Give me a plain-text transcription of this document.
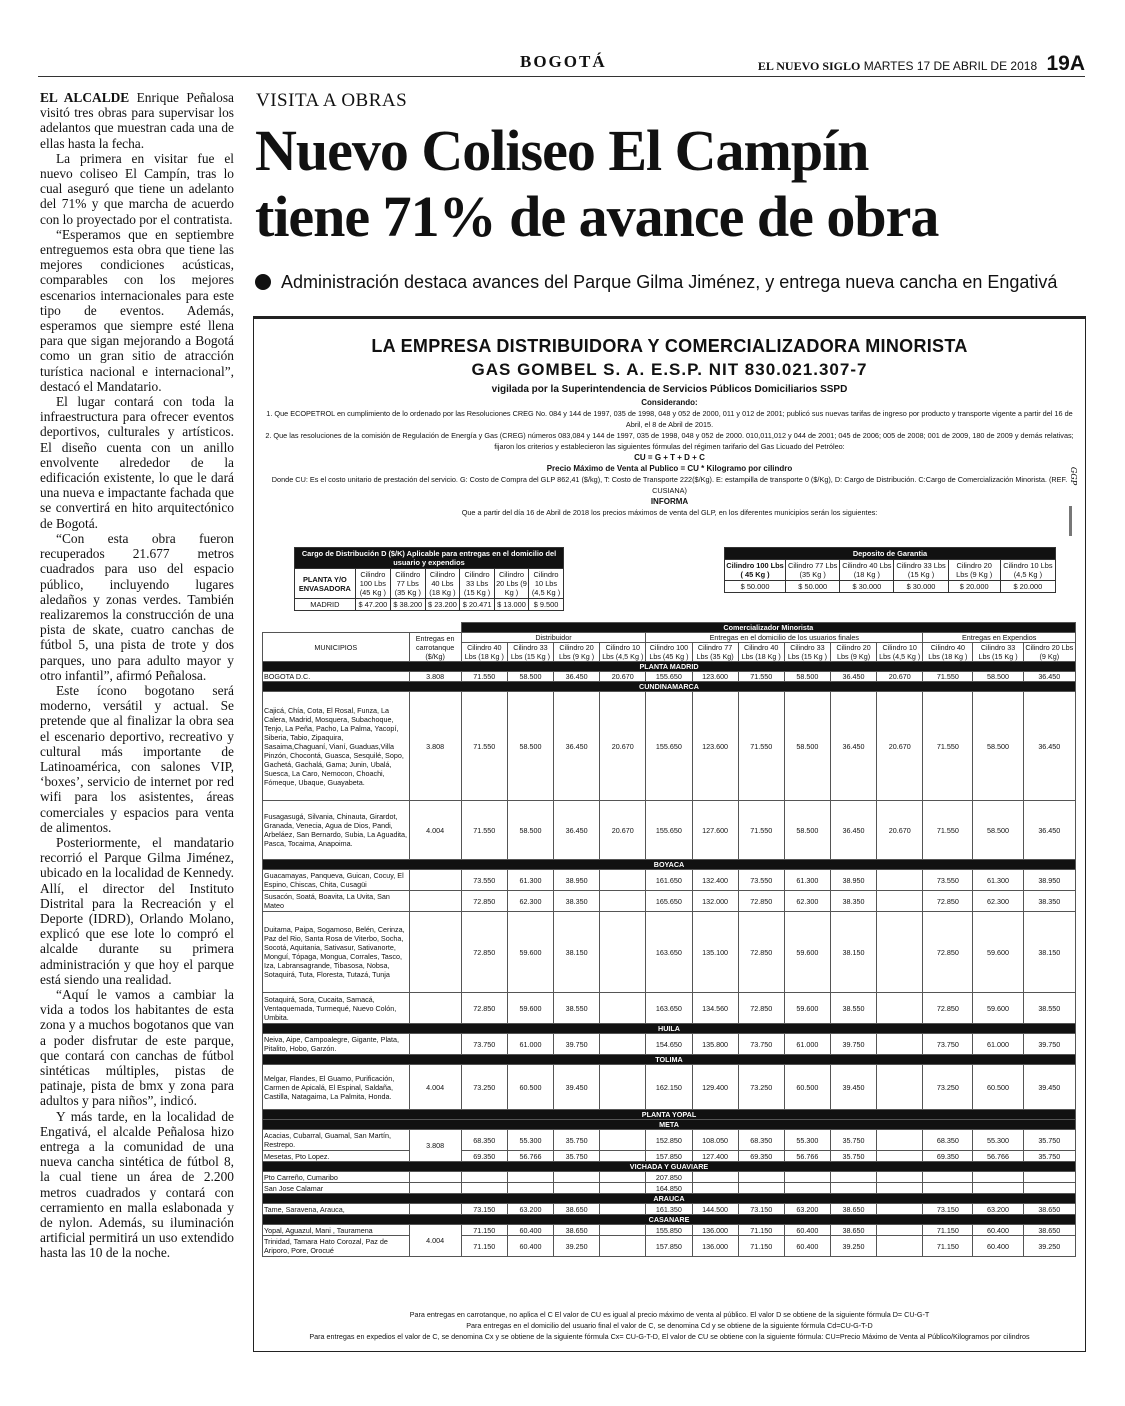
BOGOTÁ	EL NUEVO SIGLO MARTES 17 DE ABRIL DE 2018 19A

EL ALCALDE Enrique Peñalosa visitó tres obras para supervisar los adelantos que muestran cada una de ellas hasta la fecha.

La primera en visitar fue el nuevo coliseo El Campín, tras lo cual aseguró que tiene un adelanto del 71% y que marcha de acuerdo con lo proyectado por el contratista.

“Esperamos que en septiembre entreguemos esta obra que tiene las mejores condiciones acústicas, comparables con los mejores escenarios internacionales para este tipo de eventos. Además, esperamos que siempre esté llena para que sigan mejorando a Bogotá como un gran sitio de atracción turística nacional e internacional”, destacó el Mandatario.

El lugar contará con toda la infraestructura para ofrecer eventos deportivos, culturales y artísticos. El diseño cuenta con un anillo envolvente alrededor de la edificación existente, lo que le dará una nueva e impactante fachada que se convertirá en hito arquitectónico de Bogotá.

“Con esta obra fueron recuperados 21.677 metros cuadrados para uso del espacio público, incluyendo lugares aledaños y zonas verdes. También realizaremos la construcción de una pista de skate, cuatro canchas de fútbol 5, una pista de trote y dos parques, uno para adulto mayor y otro infantil”, afirmó Peñalosa.

Este ícono bogotano será moderno, versátil y actual. Se pretende que al finalizar la obra sea el escenario deportivo, recreativo y cultural más importante de Latinoamérica, con salones VIP, ‘boxes’, servicio de internet por red wifi para los asistentes, áreas comerciales y espacios para venta de alimentos.

Posteriormente, el mandatario recorrió el Parque Gilma Jiménez, ubicado en la localidad de Kennedy. Allí, el director del Instituto Distrital para la Recreación y el Deporte (IDRD), Orlando Molano, explicó que ese lote lo compró el alcalde durante su primera administración y que hoy el parque está siendo una realidad.

“Aquí le vamos a cambiar la vida a todos los habitantes de esta zona y a muchos bogotanos que van a poder disfrutar de este parque, que contará con canchas de fútbol sintéticas múltiples, pistas de patinaje, pista de bmx y zona para adultos y para niños”, indicó.

Y más tarde, en la localidad de Engativá, el alcalde Peñalosa hizo entrega a la comunidad de una nueva cancha sintética de fútbol 8, la cual tiene un área de 2.200 metros cuadrados y contará con cerramiento en malla eslabonada y de nylon. Además, su iluminación artificial permitirá un uso extendido hasta las 10 de la noche.

VISITA A OBRAS
Nuevo Coliseo El Campín
tiene 71% de avance de obra
Administración destaca avances del Parque Gilma Jiménez, y entrega nueva cancha en Engativá
LA EMPRESA DISTRIBUIDORA Y COMERCIALIZADORA MINORISTA
GAS GOMBEL S. A. E.S.P. NIT 830.021.307-7
vigilada por la Superintendencia de Servicios Públicos Domiciliarios SSPD
Considerando:
1. Que ECOPETROL en cumplimiento de lo ordenado por las Resoluciones CREG No. 084 y 144 de 1997, 035 de 1998, 048 y 052 de 2000, 011 y 012 de 2001; publicó sus nuevas tarifas de ingreso por producto y transporte vigente a partir del 16 de Abril, el 8 de Abril de 2015.
2. Que las resoluciones de la comisión de Regulación de Energía y Gas (CREG) números 083,084 y 144 de 1997, 035 de 1998, 048 y 052 de 2000. 010,011,012 y 044 de 2001; 045 de 2006; 005 de 2008; 001 de 2009, 180 de 2009 y demás relativas; fijaron los criterios y establecieron las siguientes fórmulas del régimen tarifario del Gas Licuado del Petróleo:
CU = G + T + D + C
Precio Máximo de Venta al Publico = CU * Kilogramo por cilindro
Donde CU: Es el costo unitario de prestación del servicio. G: Costo de Compra del GLP 862,41 ($/kg), T: Costo de Transporte 222($/Kg). E: estampilla de transporte 0 ($/Kg), D: Cargo de Distribución. C:Cargo de Comercialización Minorista. (REF. CUSIANA)
INFORMA
Que a partir del día 16 de Abril de 2018 los precios máximos de venta del GLP, en los diferentes municipios serán los siguientes:
GGP
Cargo de Distribución D ($/K) Aplicable para entregas en el domicilio del usuario y expendios						
PLANTA Y/O ENVASADORA	Cilindro 100 Lbs (45 Kg )	Cilindro 77 Lbs (35 Kg )	Cilindro 40 Lbs (18 Kg )	Cilindro 33 Lbs (15 Kg )	Cilindro 20 Lbs (9 Kg )	Cilindro 10 Lbs (4,5 Kg )
MADRID	$ 47.200	$ 38.200	$ 23.200	$ 20.471	$ 13.000	$ 9.500
Deposito de Garantia					
Cilindro 100 Lbs ( 45 Kg )	Cilindro 77 Lbs (35 Kg )	Cilindro 40 Lbs (18 Kg )	Cilindro 33 Lbs (15 Kg )	Cilindro 20 Lbs (9 Kg )	Cilindro 10 Lbs (4,5 Kg )
$ 50.000	$ 50.000	$ 30.000	$ 30.000	$ 20.000	$ 20.000
		Comercializador Minorista												
MUNICIPIOS	Entregas en carrotanque ($/Kg)	Distribuidor				Entregas en el domicilio de los usuarios finales						Entregas en Expendios		
		Cilindro 40 Lbs (18 Kg )	Cilindro 33 Lbs (15 Kg )	Cilindro 20 Lbs (9 Kg )	Cilindro 10 Lbs (4,5 Kg )	Cilindro 100 Lbs (45 Kg )	Cilindro 77 Lbs (35 Kg)	Cilindro 40 Lbs (18 Kg )	Cilindro 33 Lbs (15 Kg )	Cilindro 20 Lbs (9 Kg)	Cilindro 10 Lbs (4,5 Kg )	Cilindro 40 Lbs (18 Kg )	Cilindro 33 Lbs (15 Kg )	Cilindro 20 Lbs (9 Kg)
PLANTA MADRID														
BOGOTA D.C.	3.808	71.550	58.500	36.450	20.670	155.650	123.600	71.550	58.500	36.450	20.670	71.550	58.500	36.450
CUNDINAMARCA														
Cajicá, Chía, Cota, El Rosal, Funza, La Calera, Madrid, Mosquera, Subachoque, Tenjo, La Peña, Pacho, La Palma, Yacopí, Siberia, Tabio, Zipaquira, Sasaima,Chaguaní, Vianí, Guaduas,Villa Pinzón, Chocontá, Guasca, Sesquilé, Sopo, Gachetá, Gachalá, Gama; Junin, Ubalá, Suesca, La Caro, Nemocon, Choachi, Fómeque, Ubaque, Guayabeta.	3.808	71.550	58.500	36.450	20.670	155.650	123.600	71.550	58.500	36.450	20.670	71.550	58.500	36.450
Fusagasugá, Silvania, Chinauta, Girardot, Granada, Venecia, Agua de Dios, Pandi, Arbeláez, San Bernardo, Subia, La Aguadita, Pasca, Tocaima, Anapoima.	4.004	71.550	58.500	36.450	20.670	155.650	127.600	71.550	58.500	36.450	20.670	71.550	58.500	36.450
BOYACA														
Guacamayas, Panqueva, Guican, Cocuy, El Espino, Chiscas, Chita, Cusagüi		73.550	61.300	38.950		161.650	132.400	73.550	61.300	38.950		73.550	61.300	38.950
Susacón, Soatá, Boavita, La Uvita, San Mateo		72.850	62.300	38.350		165.650	132.000	72.850	62.300	38.350		72.850	62.300	38.350
Duitama, Paipa, Sogamoso, Belén, Cerinza, Paz del Rio, Santa Rosa de Viterbo, Socha, Socotá, Aquitania, Sativasur, Sativanorte, Monguí, Tópaga, Mongua, Corrales, Tasco, Iza, Labransagrande, Tibasosa, Nobsa, Sotaquirá, Tuta, Floresta, Tutazá, Tunja		72.850	59.600	38.150		163.650	135.100	72.850	59.600	38.150		72.850	59.600	38.150
Sotaquirá, Sora, Cucaita, Samacá, Ventaquemada, Turmequé, Nuevo Colón, Umbita.		72.850	59.600	38.550		163.650	134.560	72.850	59.600	38.550		72.850	59.600	38.550
HUILA														
Neiva, Aipe, Campoalegre, Gigante, Plata, Pitalito, Hobo, Garzón.		73.750	61.000	39.750		154.650	135.800	73.750	61.000	39.750		73.750	61.000	39.750
TOLIMA														
Melgar, Flandes, El Guamo, Purificación, Carmen de Apicalá, El Espinal, Saldaña, Castilla, Natagaima, La Palmita, Honda.	4.004	73.250	60.500	39.450		162.150	129.400	73.250	60.500	39.450		73.250	60.500	39.450
PLANTA YOPAL														
META														
Acacias, Cubarral, Guamal, San Martín, Restrepo.	3.808	68.350	55.300	35.750		152.850	108.050	68.350	55.300	35.750		68.350	55.300	35.750
Mesetas, Pto Lopez.		69.350	56.766	35.750		157.850	127.400	69.350	56.766	35.750		69.350	56.766	35.750
VICHADA Y GUAVIARE														
Pto Carreño, Cumaribo						207.850								
San Jose Calamar						164.850								
ARAUCA														
Tame, Saravena, Arauca,		73.150	63.200	38.650		161.350	144.500	73.150	63.200	38.650		73.150	63.200	38.650
CASANARE														
Yopal, Aguazul, Mani , Tauramena	4.004	71.150	60.400	38.650		155.850	136.000	71.150	60.400	38.650		71.150	60.400	38.650
Trinidad, Tamara Hato Corozal, Paz de Ariporo, Pore, Orocué		71.150	60.400	39.250		157.850	136.000	71.150	60.400	39.250		71.150	60.400	39.250
Para entregas en carrotanque, no aplica el C El valor de CU es igual al precio máximo de venta al público. El valor D se obtiene de la siguiente fórmula D= CU-G-T
Para entregas en el domicilio del usuario final el valor de C, se denomina Cd y se obtiene de la siguiente fórmula Cd=CU-G-T-D
Para entregas en expedios el valor de C, se denomina Cx y se obtiene de la siguiente fórmula Cx= CU-G-T-D, El valor de CU se obtiene con la siguiente fórmula: CU=Precio Máximo de Venta al Público/Kilogramos por cilindros
